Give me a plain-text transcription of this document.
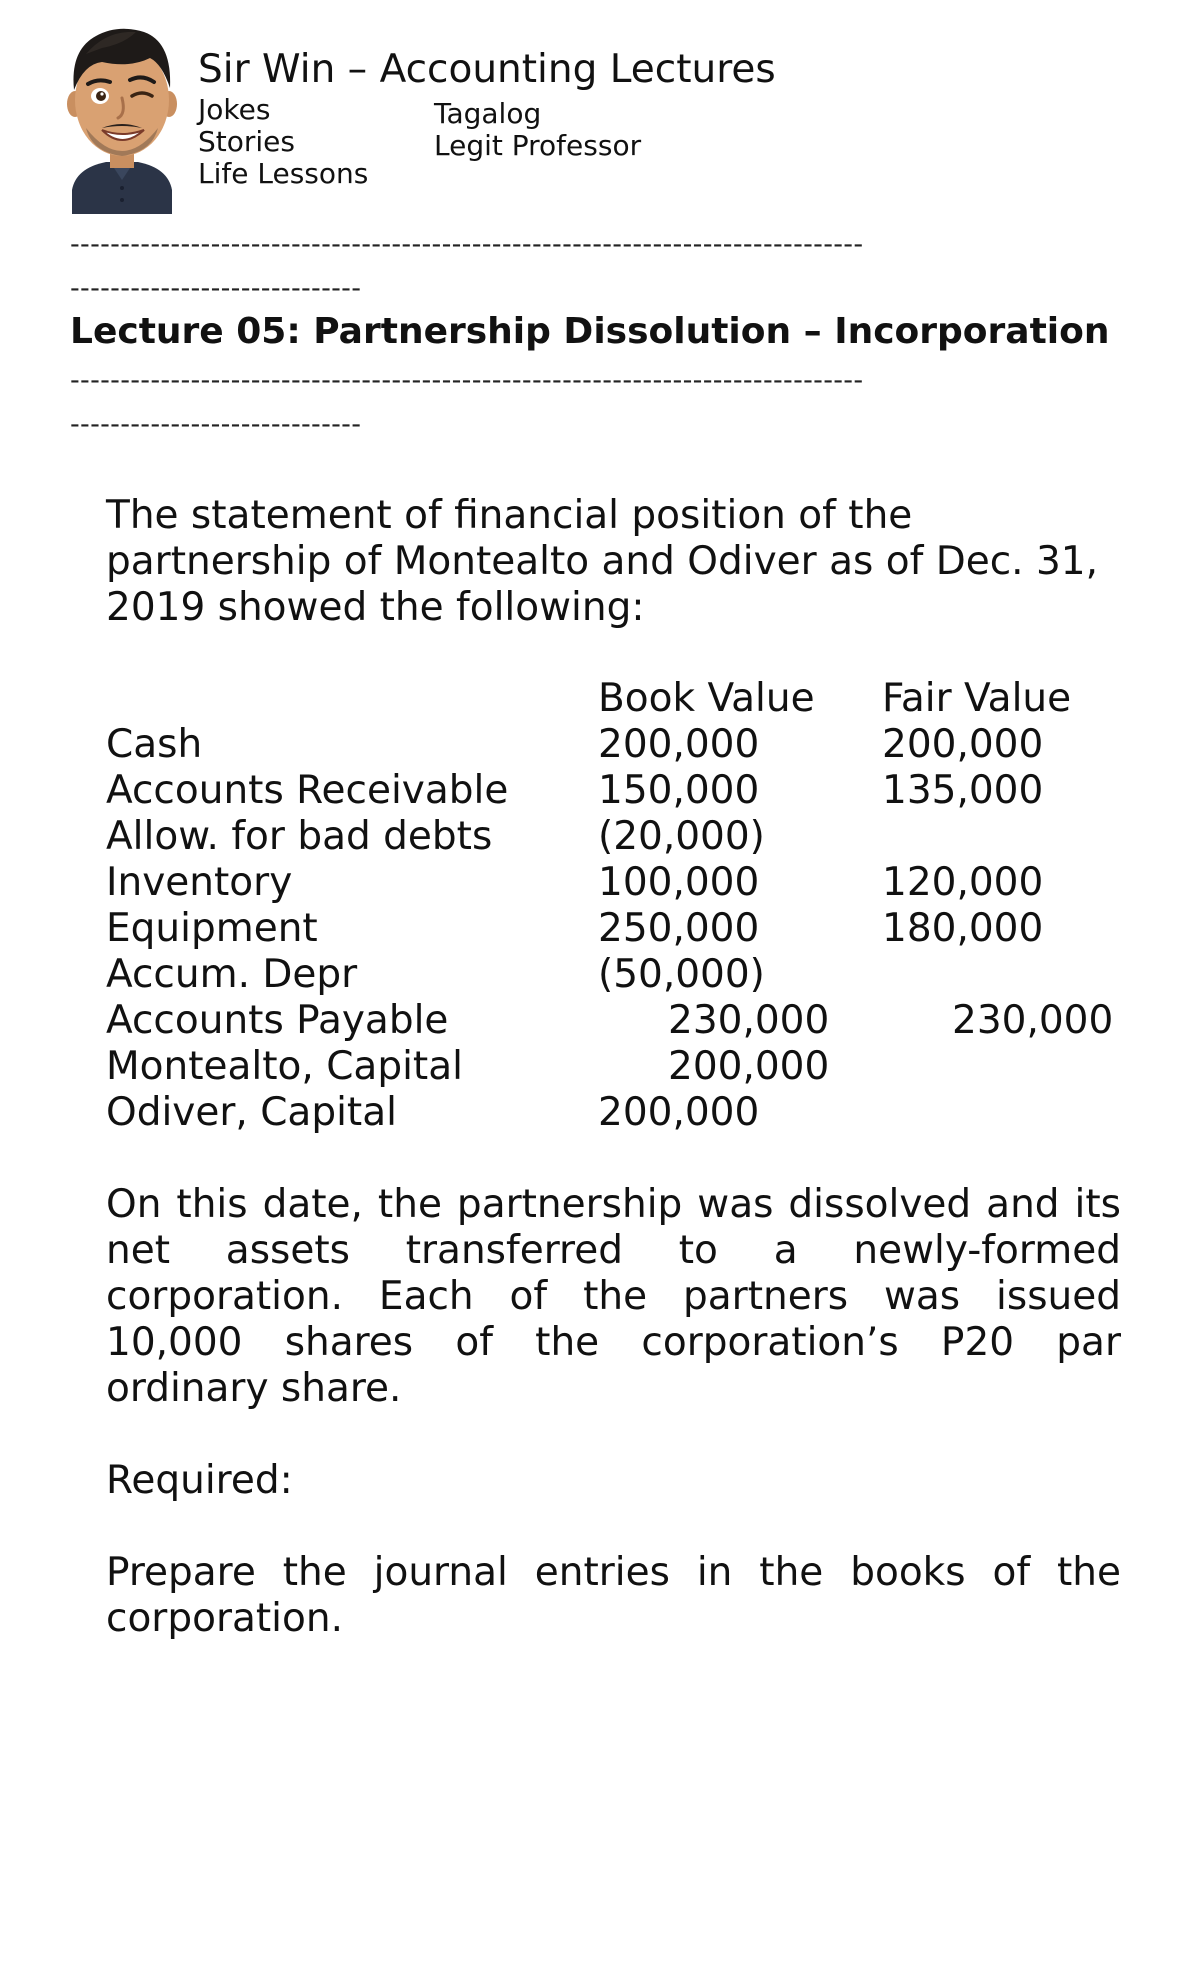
Sir Win – Accounting Lectures
Jokes
Stories
Life Lessons
Tagalog
Legit Professor
-------------------------------------------------------------------------------
-----------------------------
Lecture 05: Partnership Dissolution – Incorporation
-------------------------------------------------------------------------------
-----------------------------
The statement of financial position of the
partnership of Montealto and Odiver as of Dec. 31,
2019 showed the following:
Book Value Fair Value
Cash	200,000	200,000
Accounts Receivable 150,000	135,000
Allow. for bad debts	(20,000)
Inventory	100,000	120,000
Equipment	250,000	180,000
Accum. Depr	(50,000)
Accounts Payable	230,000	230,000
Montealto, Capital	200,000
Odiver, Capital	200,000
On this date, the partnership was dissolved and its
net assets transferred to a newly-formed
corporation. Each of the partners was issued
10,000 shares of the corporation’s P20 par
ordinary share.
Required:
Prepare the journal entries in the books of the
corporation.
